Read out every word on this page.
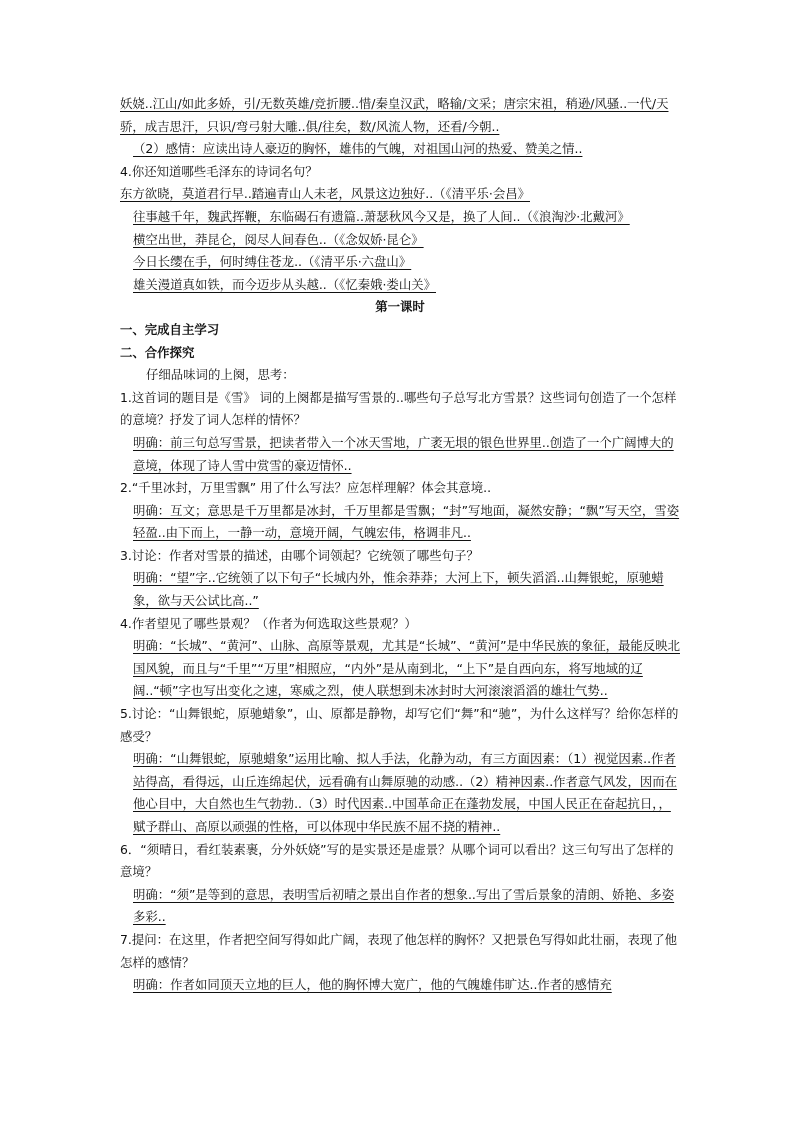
妖娆..江山/如此多娇，引/无数英雄/竞折腰..惜/秦皇汉武，略输/文采；唐宗宋祖，稍逊/风骚..一代/天骄，成吉思汗，只识/弯弓射大雕..俱/往矣，数/风流人物，还看/今朝..

（2）感情：应读出诗人豪迈的胸怀，雄伟的气魄，对祖国山河的热爱、赞美之情..

4.你还知道哪些毛泽东的诗词名句？

东方欲晓，莫道君行早..踏遍青山人未老，风景这边独好..（《清平乐·会昌》

往事越千年，魏武挥鞭，东临碣石有遗篇..萧瑟秋风今又是，换了人间..（《浪淘沙·北戴河》

横空出世，莽昆仑，阅尽人间春色..（《念奴娇·昆仑》

今日长缨在手，何时缚住苍龙..（《清平乐·六盘山》

雄关漫道真如铁，而今迈步从头越..（《忆秦娥·娄山关》

第一课时

一、完成自主学习

二、合作探究

仔细品味词的上阕，思考：

1.这首词的题目是《雪》 词的上阕都是描写雪景的..哪些句子总写北方雪景？这些词句创造了一个怎样的意境？抒发了词人怎样的情怀？

明确：前三句总写雪景，把读者带入一个冰天雪地，广袤无垠的银色世界里..创造了一个广阔博大的意境，体现了诗人雪中赏雪的豪迈情怀..

2.“千里冰封，万里雪飘” 用了什么写法？应怎样理解？体会其意境..

明确：互文；意思是千万里都是冰封，千万里都是雪飘；“封”写地面，凝然安静；“飘”写天空，雪姿轻盈..由下而上，一静一动，意境开阔，气魄宏伟，格调非凡..

3.讨论：作者对雪景的描述，由哪个词领起？它统领了哪些句子？

明确：“望”字..它统领了以下句子“长城内外，惟余莽莽；大河上下，顿失滔滔..山舞银蛇，原驰蜡象，欲与天公试比高..”

4.作者望见了哪些景观？（作者为何选取这些景观？）

明确：“长城”、“黄河”、山脉、高原等景观，尤其是“长城”、“黄河”是中华民族的象征，最能反映北国风貌，而且与“千里”“万里”相照应，“内外”是从南到北，“上下”是自西向东，将写地域的辽阔..“顿”字也写出变化之速，寒威之烈，使人联想到未冰封时大河滚滚滔滔的雄壮气势..

5.讨论：“山舞银蛇，原驰蜡象”，山、原都是静物，却写它们“舞”和“驰”，为什么这样写？给你怎样的感受？

明确：“山舞银蛇，原驰蜡象”运用比喻、拟人手法，化静为动，有三方面因素：（1）视觉因素..作者站得高，看得远，山丘连绵起伏，远看确有山舞原驰的动感..（2）精神因素..作者意气风发，因而在他心目中，大自然也生气勃勃..（3）时代因素..中国革命正在蓬勃发展，中国人民正在奋起抗日，，赋予群山、高原以顽强的性格，可以体现中华民族不屈不挠的精神..

6．“须晴日，看红装素裹，分外妖娆”写的是实景还是虚景？从哪个词可以看出？这三句写出了怎样的意境？

明确：“须”是等到的意思，表明雪后初晴之景出自作者的想象..写出了雪后景象的清朗、娇艳、多姿多彩..

7.提问：在这里，作者把空间写得如此广阔，表现了他怎样的胸怀？又把景色写得如此壮丽，表现了他怎样的感情？

明确：作者如同顶天立地的巨人，他的胸怀博大宽广，他的气魄雄伟旷达..作者的感情充
